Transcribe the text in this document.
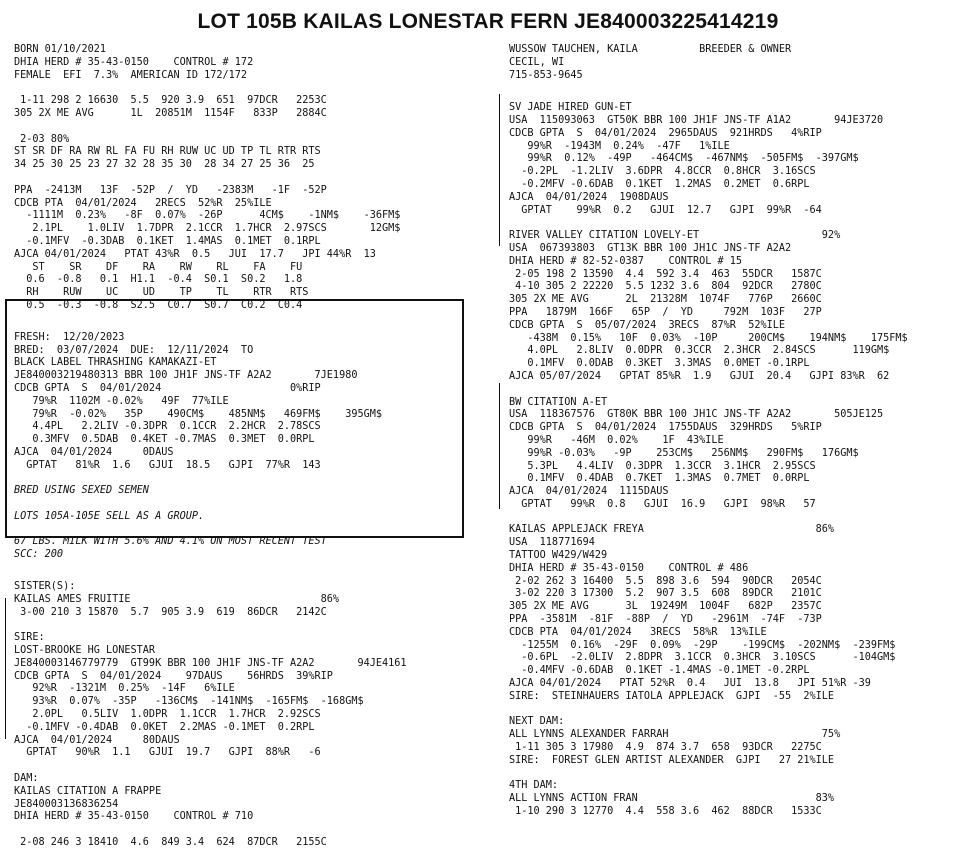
LOT 105B KAILAS LONESTAR FERN JE840003225414219
BORN 01/10/2021
DHIA HERD # 35-43-0150    CONTROL # 172
FEMALE  EFI  7.3%  AMERICAN ID 172/172
1-11 298 2 16630  5.5  920 3.9  651  97DCR   2253C
305 2X ME AVG      1L  20851M  1154F   833P   2884C
2-03 80%
ST SR DF RA RW RL FA FU RH RUW UC UD TP TL RTR RTS
34 25 30 25 23 27 32 28 35 30  28 34 27 25 36  25
PPA  -2413M   13F  -52P  /  YD   -2383M   -1F  -52P
CDCB PTA  04/01/2024   2RECS  52%R  25%ILE
-1111M  0.23%   -8F  0.07%  -26P      4CM$    -1NM$    -36FM$
2.1PL    1.0LIV  1.7DPR  2.1CCR  1.7HCR  2.97SCS       12GM$
-0.1MFV  -0.3DAB  0.1KET  1.4MAS  0.1MET  0.1RPL
AJCA 04/01/2024   PTAT 43%R  0.5   JUI  17.7   JPI 44%R  13
ST    SR    DF    RA    RW    RL    FA    FU
0.6  -0.8   0.1  H1.1  -0.4  S0.1  S0.2   1.8
RH    RUW    UC    UD    TP    TL    RTR   RTS
0.5  -0.3  -0.8  S2.5  C0.7  S0.7  C0.2  C0.4
FRESH:  12/20/2023
BRED:  03/07/2024  DUE:  12/11/2024  TO
BLACK LABEL THRASHING KAMAKAZI-ET
JE840003219480313 BBR 100 JH1F JNS-TF A2A2       7JE1980
CDCB GPTA  S  04/01/2024                     0%RIP
79%R  1102M -0.02%   49F  77%ILE
79%R  -0.02%   35P    490CM$    485NM$   469FM$    395GM$
4.4PL   2.2LIV -0.3DPR  0.1CCR  2.2HCR  2.78SCS
0.3MFV  0.5DAB  0.4KET -0.7MAS  0.3MET  0.0RPL
AJCA  04/01/2024     0DAUS
GPTAT   81%R  1.6   GJUI  18.5   GJPI  77%R  143
BRED USING SEXED SEMEN
LOTS 105A-105E SELL AS A GROUP.
67 LBS. MILK WITH 5.6% AND 4.1% ON MOST RECENT TEST
SCC: 200
SISTER(S):
KAILAS AMES FRUITIE                               86%
3-00 210 3 15870  5.7  905 3.9  619  86DCR   2142C
SIRE:
LOST-BROOKE HG LONESTAR
JE840003146779779  GT99K BBR 100 JH1F JNS-TF A2A2       94JE4161
CDCB GPTA  S  04/01/2024    97DAUS    56HRDS  39%RIP
92%R  -1321M  0.25%  -14F   6%ILE
93%R  0.07%  -35P   -136CM$  -141NM$  -165FM$  -168GM$
2.0PL   0.5LIV  1.0DPR  1.1CCR  1.7HCR  2.92SCS
-0.1MFV -0.4DAB  0.0KET  2.2MAS -0.1MET  0.2RPL
AJCA  04/01/2024     80DAUS
GPTAT   90%R  1.1   GJUI  19.7   GJPI  88%R   -6
DAM:
KAILAS CITATION A FRAPPE
JE840003136836254
DHIA HERD # 35-43-0150    CONTROL # 710
2-08 246 3 18410  4.6  849 3.4  624  87DCR   2155C
WUSSOW TAUCHEN, KAILA          BREEDER & OWNER
CECIL, WI
715-853-9645
SV JADE HIRED GUN-ET
USA  115093063  GT50K BBR 100 JH1F JNS-TF A1A2       94JE3720
CDCB GPTA  S  04/01/2024  2965DAUS  921HRDS   4%RIP
99%R  -1943M  0.24%  -47F   1%ILE
99%R  0.12%  -49P   -464CM$  -467NM$  -505FM$  -397GM$
-0.2PL  -1.2LIV  3.6DPR  4.8CCR  0.8HCR  3.16SCS
-0.2MFV -0.6DAB  0.1KET  1.2MAS  0.2MET  0.6RPL
AJCA  04/01/2024  1908DAUS
GPTAT    99%R  0.2   GJUI  12.7   GJPI  99%R  -64
RIVER VALLEY CITATION LOVELY-ET                    92%
USA  067393803  GT13K BBR 100 JH1C JNS-TF A2A2
DHIA HERD # 82-52-0387    CONTROL # 15
2-05 198 2 13590  4.4  592 3.4  463  55DCR   1587C
4-10 305 2 22220  5.5 1232 3.6  804  92DCR   2780C
305 2X ME AVG      2L  21328M  1074F   776P   2660C
PPA   1879M  166F   65P  /  YD     792M  103F   27P
CDCB GPTA  S  05/07/2024  3RECS  87%R  52%ILE
-438M  0.15%   10F  0.03%  -10P     200CM$    194NM$    175FM$
4.0PL   2.8LIV  0.0DPR  0.3CCR  2.3HCR  2.84SCS      119GM$
0.1MFV  0.0DAB  0.3KET  3.3MAS  0.0MET -0.1RPL
AJCA 05/07/2024   GPTAT 85%R  1.9   GJUI  20.4   GJPI 83%R  62
BW CITATION A-ET
USA  118367576  GT80K BBR 100 JH1C JNS-TF A2A2       505JE125
CDCB GPTA  S  04/01/2024  1755DAUS  329HRDS   5%RIP
99%R   -46M  0.02%    1F  43%ILE
99%R -0.03%   -9P    253CM$   256NM$   290FM$   176GM$
5.3PL   4.4LIV  0.3DPR  1.3CCR  3.1HCR  2.95SCS
0.1MFV  0.4DAB  0.7KET  1.3MAS  0.7MET  0.0RPL
AJCA  04/01/2024  1115DAUS
GPTAT   99%R  0.8   GJUI  16.9   GJPI  98%R   57
KAILAS APPLEJACK FREYA                            86%
USA  118771694
TATTOO W429/W429
DHIA HERD # 35-43-0150    CONTROL # 486
2-02 262 3 16400  5.5  898 3.6  594  90DCR   2054C
3-02 220 3 17300  5.2  907 3.5  608  89DCR   2101C
305 2X ME AVG      3L  19249M  1004F   682P   2357C
PPA  -3581M  -81F  -88P  /  YD   -2961M  -74F  -73P
CDCB PTA  04/01/2024   3RECS  58%R  13%ILE
-1255M  0.16%  -29F  0.09%  -29P    -199CM$  -202NM$  -239FM$
-0.6PL  -2.0LIV  2.8DPR  3.1CCR  0.3HCR  3.10SCS      -104GM$
-0.4MFV -0.6DAB  0.1KET -1.4MAS -0.1MET -0.2RPL
AJCA 04/01/2024   PTAT 52%R  0.4   JUI  13.8   JPI 51%R -39
SIRE:  STEINHAUERS IATOLA APPLEJACK  GJPI  -55  2%ILE
NEXT DAM:
ALL LYNNS ALEXANDER FARRAH                         75%
1-11 305 3 17980  4.9  874 3.7  658  93DCR   2275C
SIRE:  FOREST GLEN ARTIST ALEXANDER  GJPI   27 21%ILE
4TH DAM:
ALL LYNNS ACTION FRAN                             83%
1-10 290 3 12770  4.4  558 3.6  462  88DCR   1533C
